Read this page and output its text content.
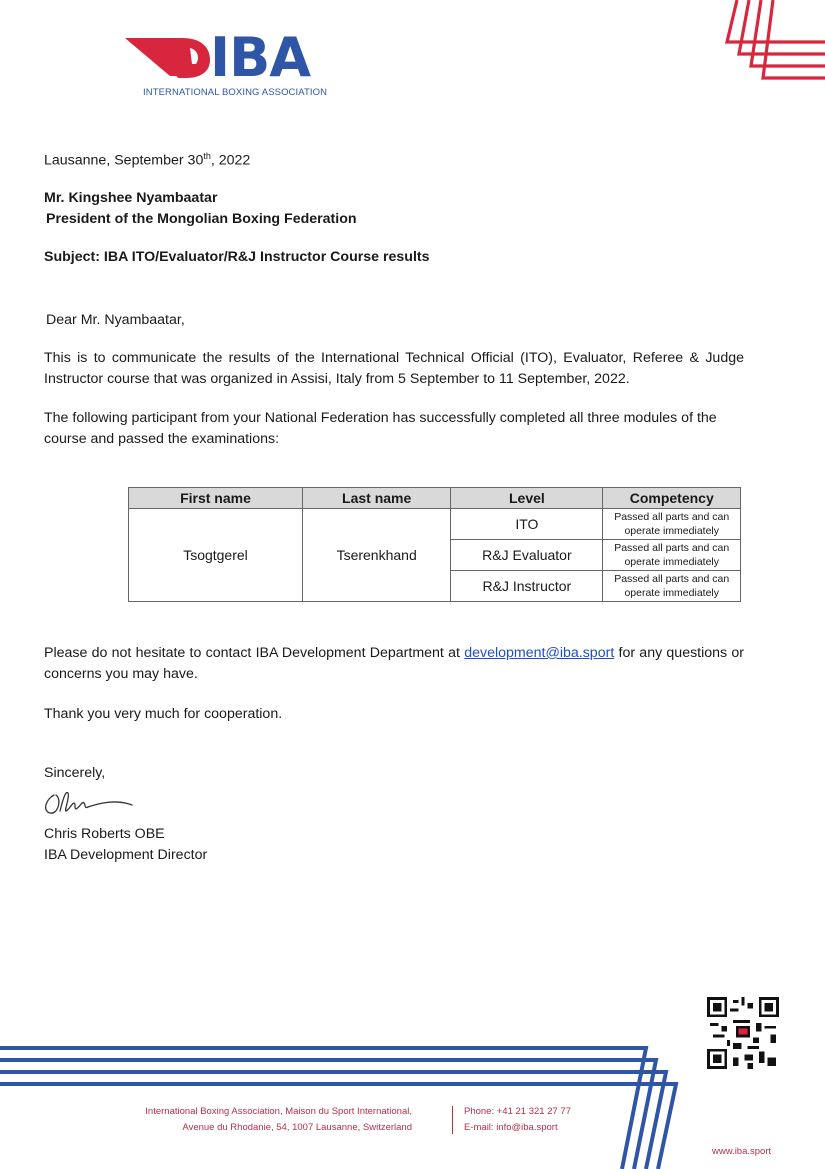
IBA
INTERNATIONAL BOXING ASSOCIATION
Lausanne, September 30th, 2022
Mr. Kingshee Nyambaatar
President of the Mongolian Boxing Federation
Subject: IBA ITO/Evaluator/R&J Instructor Course results
Dear Mr. Nyambaatar,
This is to communicate the results of the International Technical Official (ITO), Evaluator, Referee & Judge Instructor course that was organized in Assisi, Italy from 5 September to 11 September, 2022.
The following participant from your National Federation has successfully completed all three modules of the course and passed the examinations:
First name	Last name	Level	Competency
Tsogtgerel	Tserenkhand	ITO	Passed all parts and can operate immediately
		R&J Evaluator	Passed all parts and can operate immediately
		R&J Instructor	Passed all parts and can operate immediately
Please do not hesitate to contact IBA Development Department at development@iba.sport for any questions or concerns you may have.
Thank you very much for cooperation.
Sincerely,
Chris Roberts OBE
IBA Development Director
International Boxing Association, Maison du Sport International,
Avenue du Rhodanie, 54, 1007 Lausanne, Switzerland
Phone: +41 21 321 27 77
E-mail: info@iba.sport
www.iba.sport
